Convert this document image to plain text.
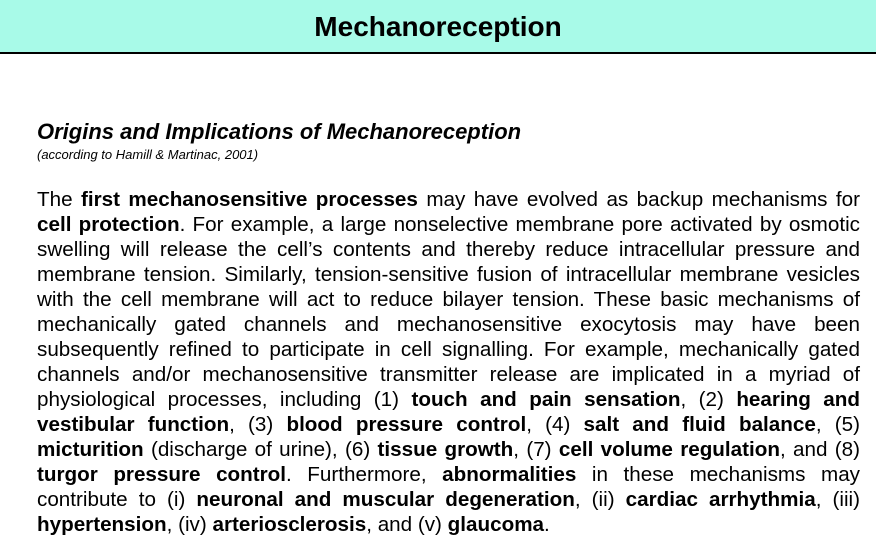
Mechanoreception
Origins and Implications of Mechanoreception
(according to Hamill & Martinac, 2001)

The first mechanosensitive processes may have evolved as backup mechanisms for cell protection. For example, a large nonselective membrane pore activated by osmotic swelling will release the cell’s contents and thereby reduce intracellular pressure and membrane tension. Similarly, tension-sensitive fusion of intracellular membrane vesicles with the cell membrane will act to reduce bilayer tension. These basic mechanisms of mechanically gated channels and mechanosensitive exocytosis may have been subsequently refined to participate in cell signalling. For example, mechanically gated channels and/or mechanosensitive transmitter release are implicated in a myriad of physiological processes, including (1) touch and pain sensation, (2) hearing and vestibular function, (3) blood pressure control, (4) salt and fluid balance, (5) micturition (discharge of urine), (6) tissue growth, (7) cell volume regulation, and (8) turgor pressure control. Furthermore, abnormalities in these mechanisms may contribute to (i) neuronal and muscular degeneration, (ii) cardiac arrhythmia, (iii) hypertension, (iv) arteriosclerosis, and (v) glaucoma.
